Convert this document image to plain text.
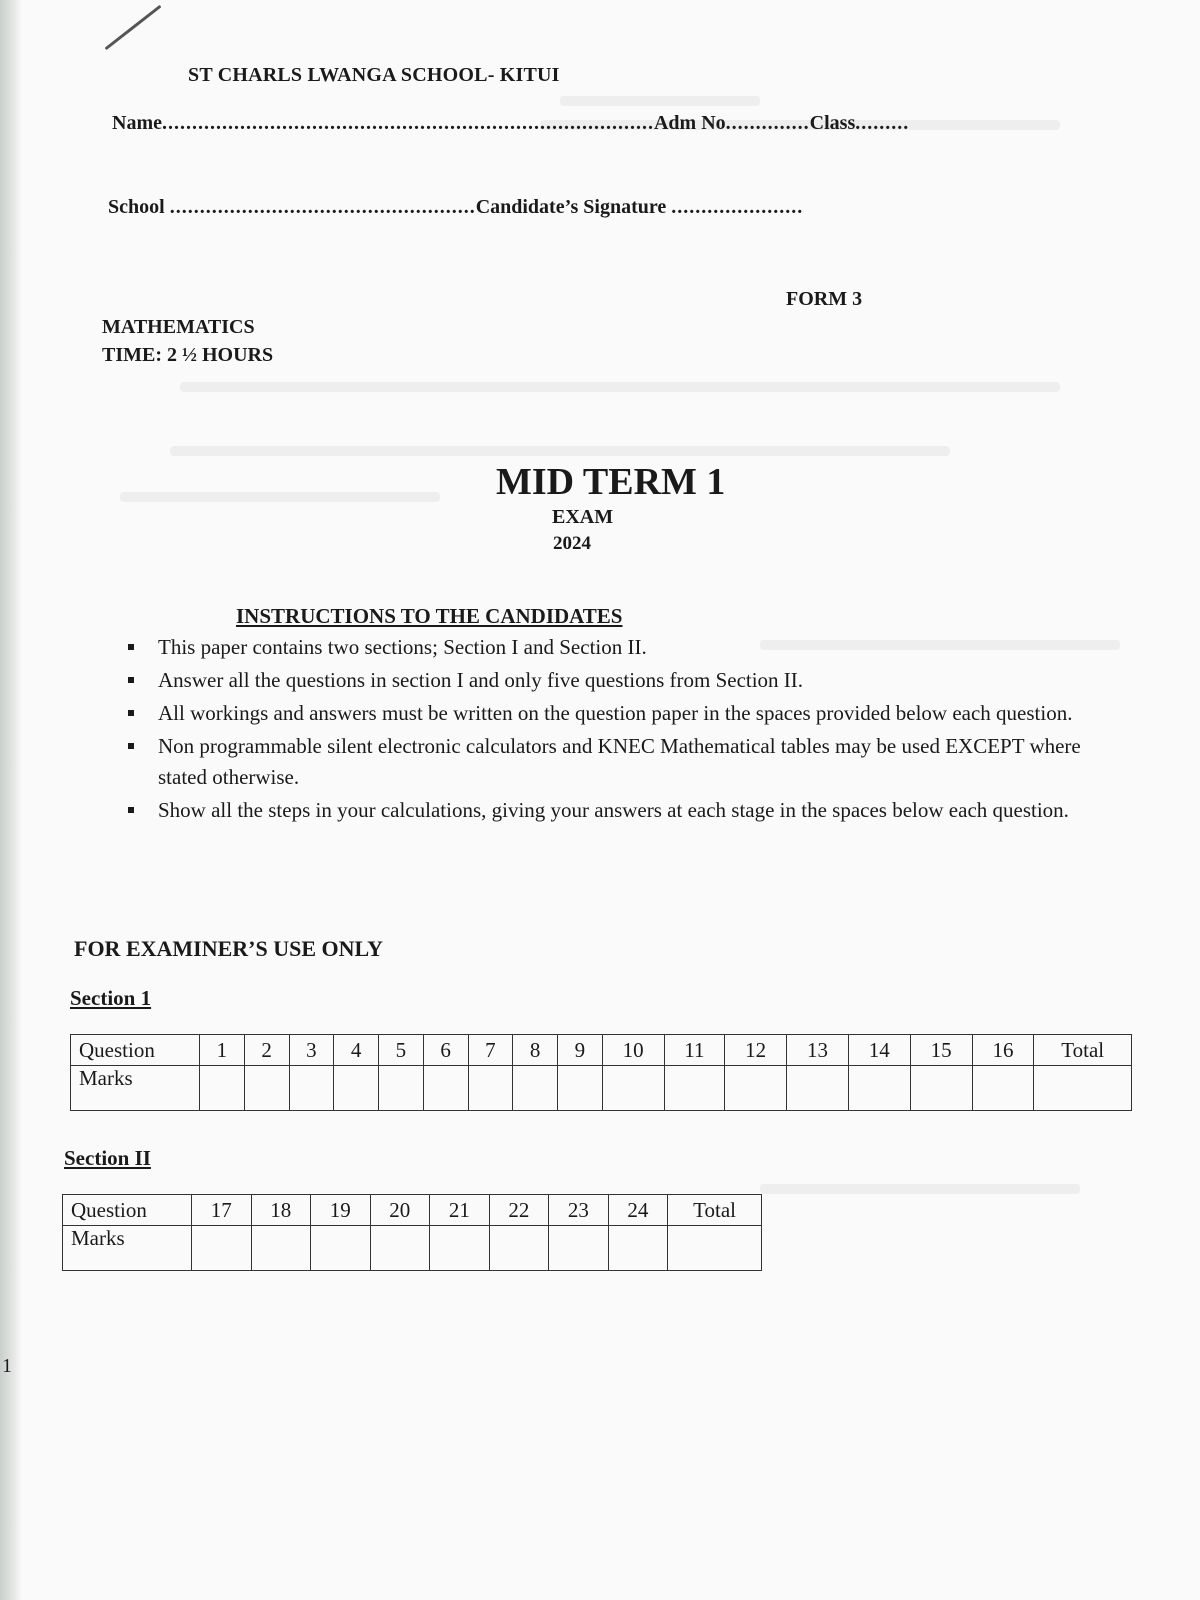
ST CHARLS LWANGA SCHOOL- KITUI
Name..................................................................................Adm No..............Class.........
School ...................................................Candidate’s Signature ......................
FORM 3
MATHEMATICS
TIME: 2 ½ HOURS
MID TERM 1
EXAM
2024
INSTRUCTIONS TO THE CANDIDATES
This paper contains two sections; Section I and Section II.
Answer all the questions in section I and only five questions from Section II.
All workings and answers must be written on the question paper in the spaces provided below each question.
Non programmable silent electronic calculators and KNEC Mathematical tables may be used EXCEPT where stated otherwise.
Show all the steps in your calculations, giving your answers at each stage in the spaces below each question.
FOR EXAMINER’S USE ONLY
Section 1
Question	1	2	3	4	5	6	7	8	9	10	11	12	13	14	15	16	Total
Marks																	
Section II
Question	17	18	19	20	21	22	23	24	Total
Marks									
1
